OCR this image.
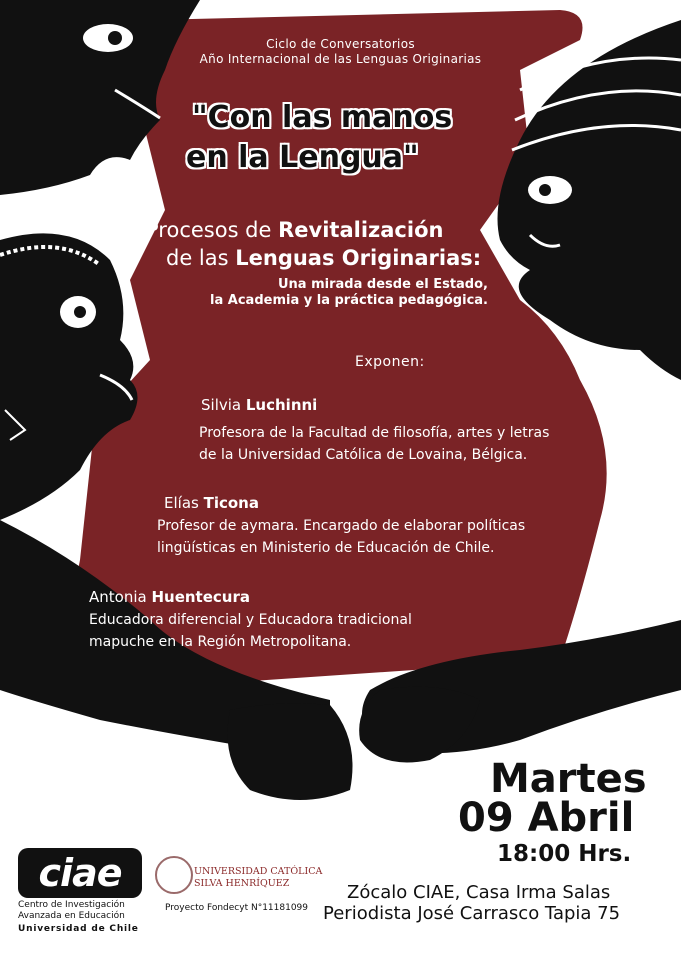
Ciclo de Conversatorios
Año Internacional de las Lenguas Originarias
"Con las manos
en la Lengua"
Procesos de Revitalización
de las Lenguas Originarias:
Una mirada desde el Estado,
la Academia y la práctica pedagógica.
Exponen:
Silvia Luchinni
Profesora de la Facultad de filosofía, artes y letras
de la Universidad Católica de Lovaina, Bélgica.
Elías Ticona
Profesor de aymara. Encargado de elaborar políticas
lingüísticas en Ministerio de Educación de Chile.
Antonia Huentecura
Educadora diferencial y Educadora tradicional
mapuche en la Región Metropolitana.
Martes
09 Abril
18:00 Hrs.
Zócalo CIAE, Casa Irma Salas
Periodista José Carrasco Tapia 75
ciae
Centro de Investigación
Avanzada en Educación
Universidad de Chile
UNIVERSIDAD CATÓLICA
SILVA HENRÍQUEZ
Proyecto Fondecyt N°11181099
